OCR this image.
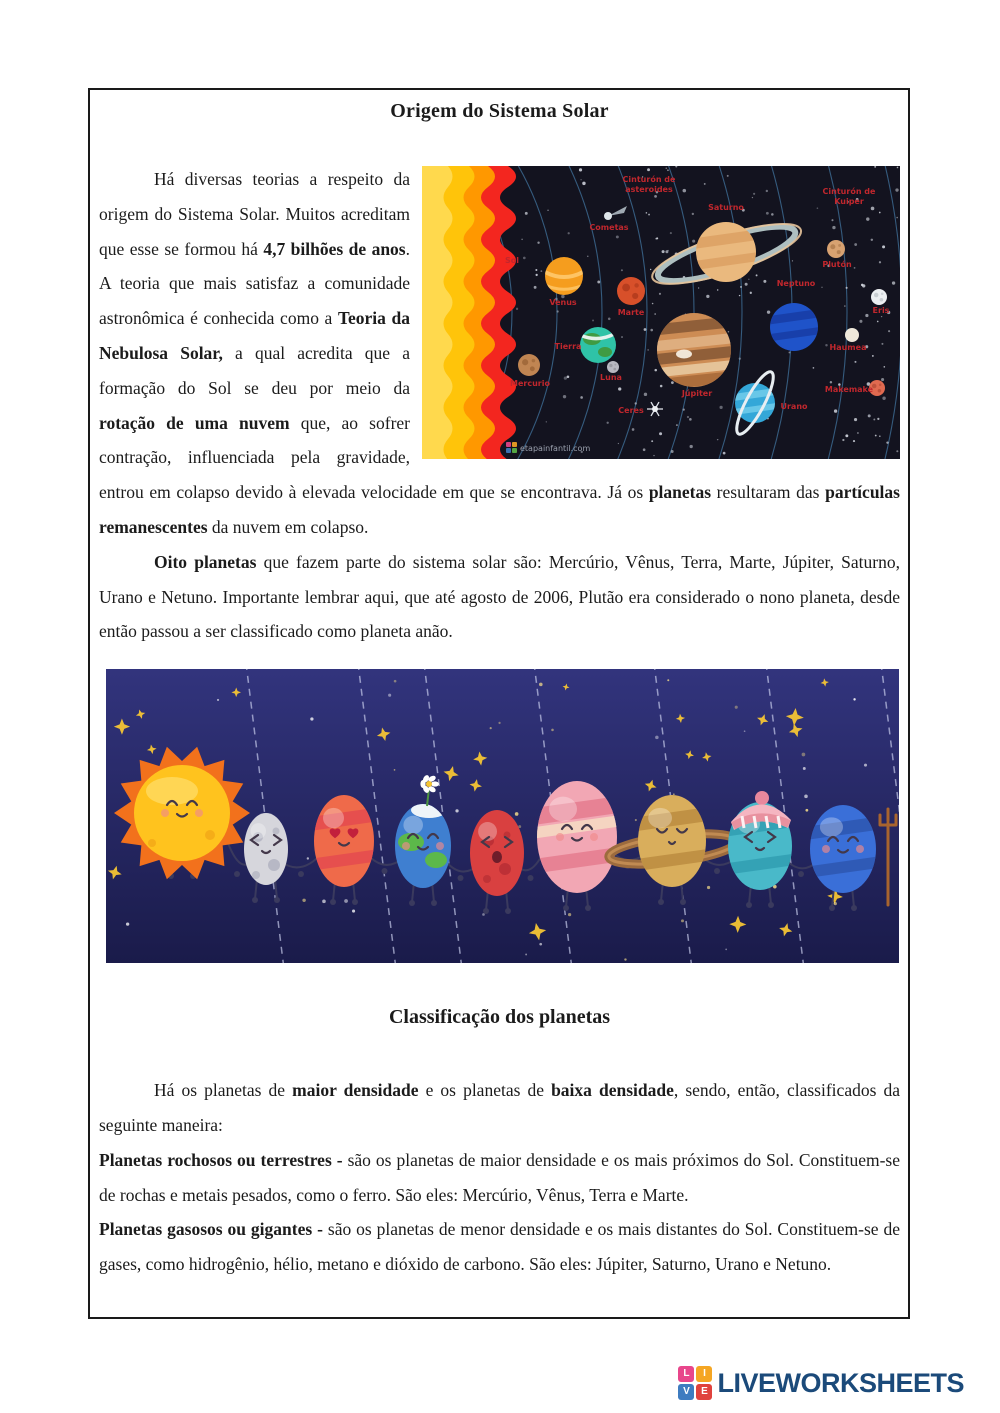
Origem do Sistema Solar
Sol
Mercurio
Venus
Tierra
Luna
Marte
Ceres
Júpiter
Saturno
Urano
Neptuno
Plutón
Haumea
Makemake
Eris
Cometas
Cinturón de
asteroides	Cinturón de
Kuiper
etapainfantil.com
Há diversas teorias a respeito da origem do Sistema Solar. Muitos acreditam que esse se formou há 4,7 bilhões de anos. A teoria que mais satisfaz a comunidade astronômica é conhecida como a Teoria da Nebulosa Solar, a qual acredita que a formação do Sol se deu por meio da rotação de uma nuvem que, ao sofrer contração, influenciada pela gravidade, entrou em colapso devido à elevada velocidade em que se encontrava. Já os planetas resultaram das partículas remanescentes da nuvem em colapso.
Oito planetas que fazem parte do sistema solar são: Mercúrio, Vênus, Terra, Marte, Júpiter, Saturno, Urano e Netuno. Importante lembrar aqui, que até agosto de 2006, Plutão era considerado o nono planeta, desde então passou a ser classificado como planeta anão.
Classificação dos planetas
Há os planetas de maior densidade e os planetas de baixa densidade, sendo, então, classificados da seguinte maneira:
Planetas rochosos ou terrestres - são os planetas de maior densidade e os mais próximos do Sol. Constituem-se de rochas e metais pesados, como o ferro. São eles: Mercúrio, Vênus, Terra e Marte.
Planetas gasosos ou gigantes - são os planetas de menor densidade e os mais distantes do Sol. Constituem-se de gases, como hidrogênio, hélio, metano e dióxido de carbono. São eles: Júpiter, Saturno, Urano e Netuno.
L	I
V	E LIVEWORKSHEETS
